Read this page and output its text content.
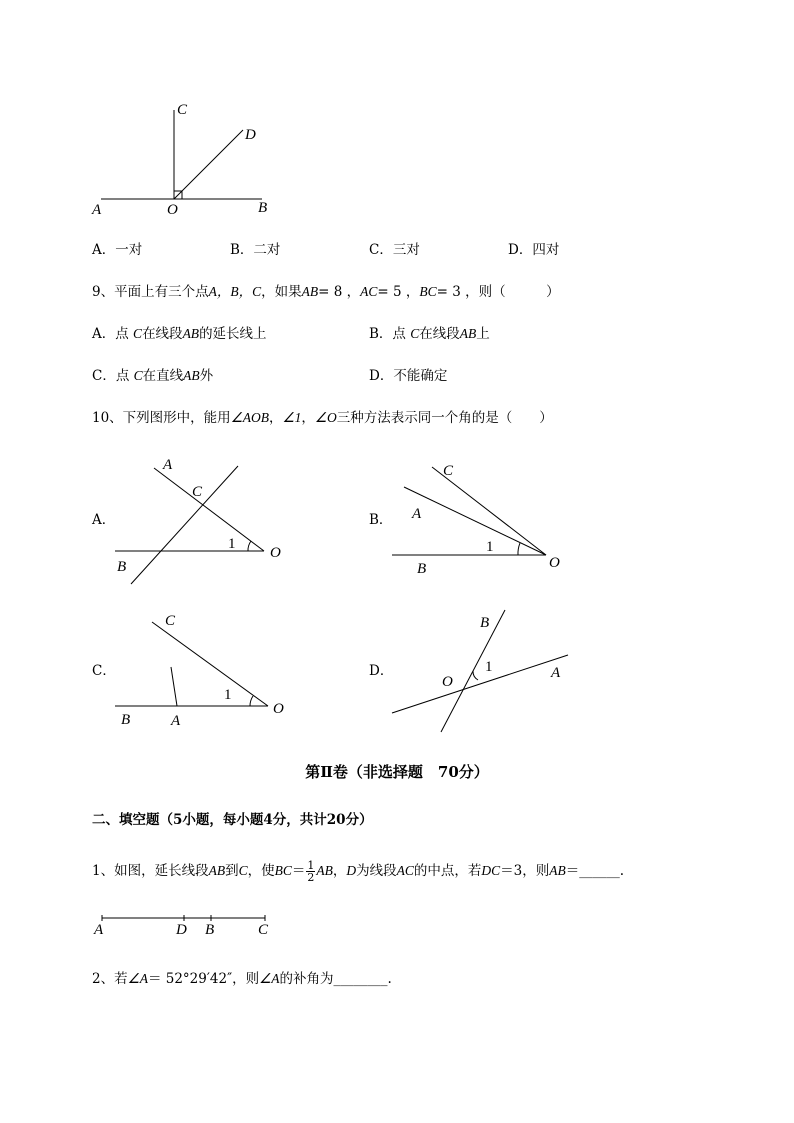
C
D
A	O	B
A．一对	B．二对	C．三对	D．四对
9、平面上有三个点A，B，C，如果AB= 8 ，AC= 5 ，BC= 3 ，则（　　　）
A．点 C在线段AB的延长线上	B．点 C在线段AB上
C．点 C在直线AB外	D．不能确定
10、下列图形中，能用∠AOB，∠1，∠O三种方法表示同一个角的是（　　）
A．	B．
C．	D．
A
C
1
O
B
C
A
1
O
B
C
1
O
B	A
B
1
O
A
第Ⅱ卷（非选择题　70分）
二、填空题（5小题，每小题4分，共计20分）
1、如图，延长线段AB到C，使$BC= \frac{1}{2}$ AB，D为线段AC的中点，若DC＝3，则AB＝______.
A	D B	C
2、若∠A＝ 52°29′42″，则∠A的补角为________.
